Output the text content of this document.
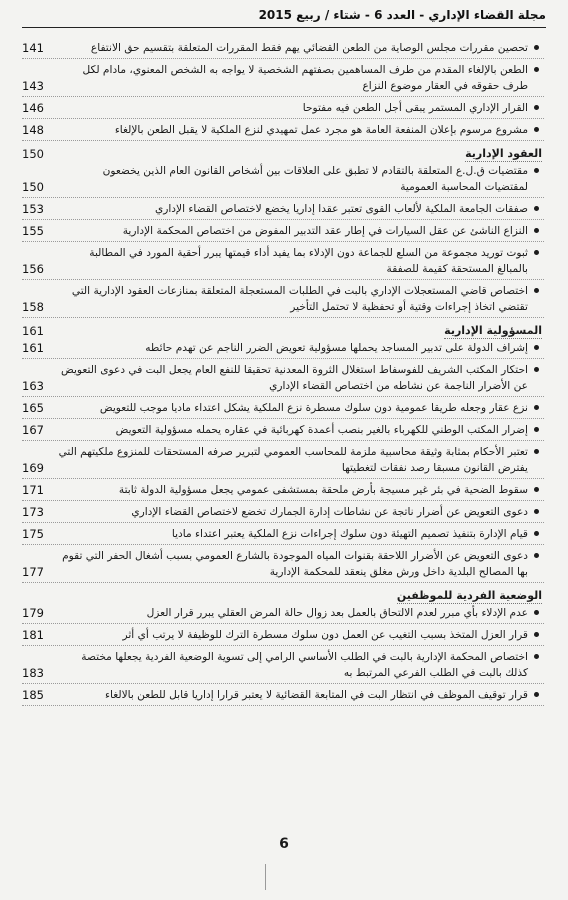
مجلة القضاء الإداري - العدد 6 - شتاء / ربيع 2015
تحصين مقررات مجلس الوصاية من الطعن القضائي يهم فقط المقررات المتعلقة بتقسيم حق الانتفاع
141
الطعن بالإلغاء المقدم من طرف المساهمين بصفتهم الشخصية لا يواجه به الشخص المعنوي، مادام لكل طرف حقوقه في العقار موضوع النزاع
143
القرار الإداري المستمر يبقى أجل الطعن فيه مفتوحا
146
مشروع مرسوم بإعلان المنفعة العامة هو مجرد عمل تمهيدي لنزع الملكية لا يقبل الطعن بالإلغاء
148
العقود الإدارية
150
مقتضيات ق.ل.ع المتعلقة بالتقادم لا تطبق على العلاقات بين أشخاص القانون العام الذين يخضعون لمقتضيات المحاسبة العمومية
150
صفقات الجامعة الملكية لألعاب القوى تعتبر عقدا إداريا يخضع لاختصاص القضاء الإداري
153
النزاع الناشئ عن عقل السيارات في إطار عقد التدبير المفوض من اختصاص المحكمة الإدارية
155
ثبوت توريد مجموعة من السلع للجماعة دون الإدلاء بما يفيد أداء قيمتها يبرر أحقية المورد في المطالبة بالمبالغ المستحقة كقيمة للصفقة
156
اختصاص قاضي المستعجلات الإداري بالبت في الطلبات المستعجلة المتعلقة بمنازعات العقود الإدارية التي تقتضي اتخاذ إجراءات وقتية أو تحفظية لا تحتمل التأخير
158
المسؤولية الإدارية
161
إشراف الدولة على تدبير المساجد يحملها مسؤولية تعويض الضرر الناجم عن تهدم حائطه
161
احتكار المكتب الشريف للفوسفاط استغلال الثروة المعدنية تحقيقا للنفع العام يجعل البت في دعوى التعويض عن الأضرار الناجمة عن نشاطه من اختصاص القضاء الإداري
163
نزع عقار وجعله طريقا عمومية دون سلوك مسطرة نزع الملكية يشكل اعتداء ماديا موجب للتعويض
165
إضرار المكتب الوطني للكهرباء بالغير بنصب أعمدة كهربائية في عقاره يحمله مسؤولية التعويض
167
تعتبر الأحكام بمثابة وثيقة محاسبية ملزمة للمحاسب العمومي لتبرير صرفه المستحقات للمنزوع ملكيتهم التي يفترض القانون مسبقا رصد نفقات لتغطيتها
169
سقوط الضحية في بئر غير مسيجة بأرض ملحقة بمستشفى عمومي يجعل مسؤولية الدولة ثابتة
171
دعوى التعويض عن أضرار ناتجة عن نشاطات إدارة الجمارك تخضع لاختصاص القضاء الإداري
173
قيام الإدارة بتنفيذ تصميم التهيئة دون سلوك إجراءات نزع الملكية يعتبر اعتداء ماديا
175
دعوى التعويض عن الأضرار اللاحقة بقنوات المياه الموجودة بالشارع العمومي بسبب أشغال الحفر التي تقوم بها المصالح البلدية داخل ورش مغلق ينعقد للمحكمة الإدارية
177
الوضعية الفردية للموظفين
عدم الإدلاء بأي مبرر لعدم الالتحاق بالعمل بعد زوال حالة المرض العقلي يبرر قرار العزل
179
قرار العزل المتخذ بسبب التغيب عن العمل دون سلوك مسطرة الترك للوظيفة لا يرتب أي أثر
181
اختصاص المحكمة الإدارية بالبت في الطلب الأساسي الرامي إلى تسوية الوضعية الفردية يجعلها مختصة كذلك بالبت في الطلب الفرعي المرتبط به
183
قرار توقيف الموظف في انتظار البت في المتابعة القضائية لا يعتبر قرارا إداريا قابل للطعن بالالغاء
185
6
